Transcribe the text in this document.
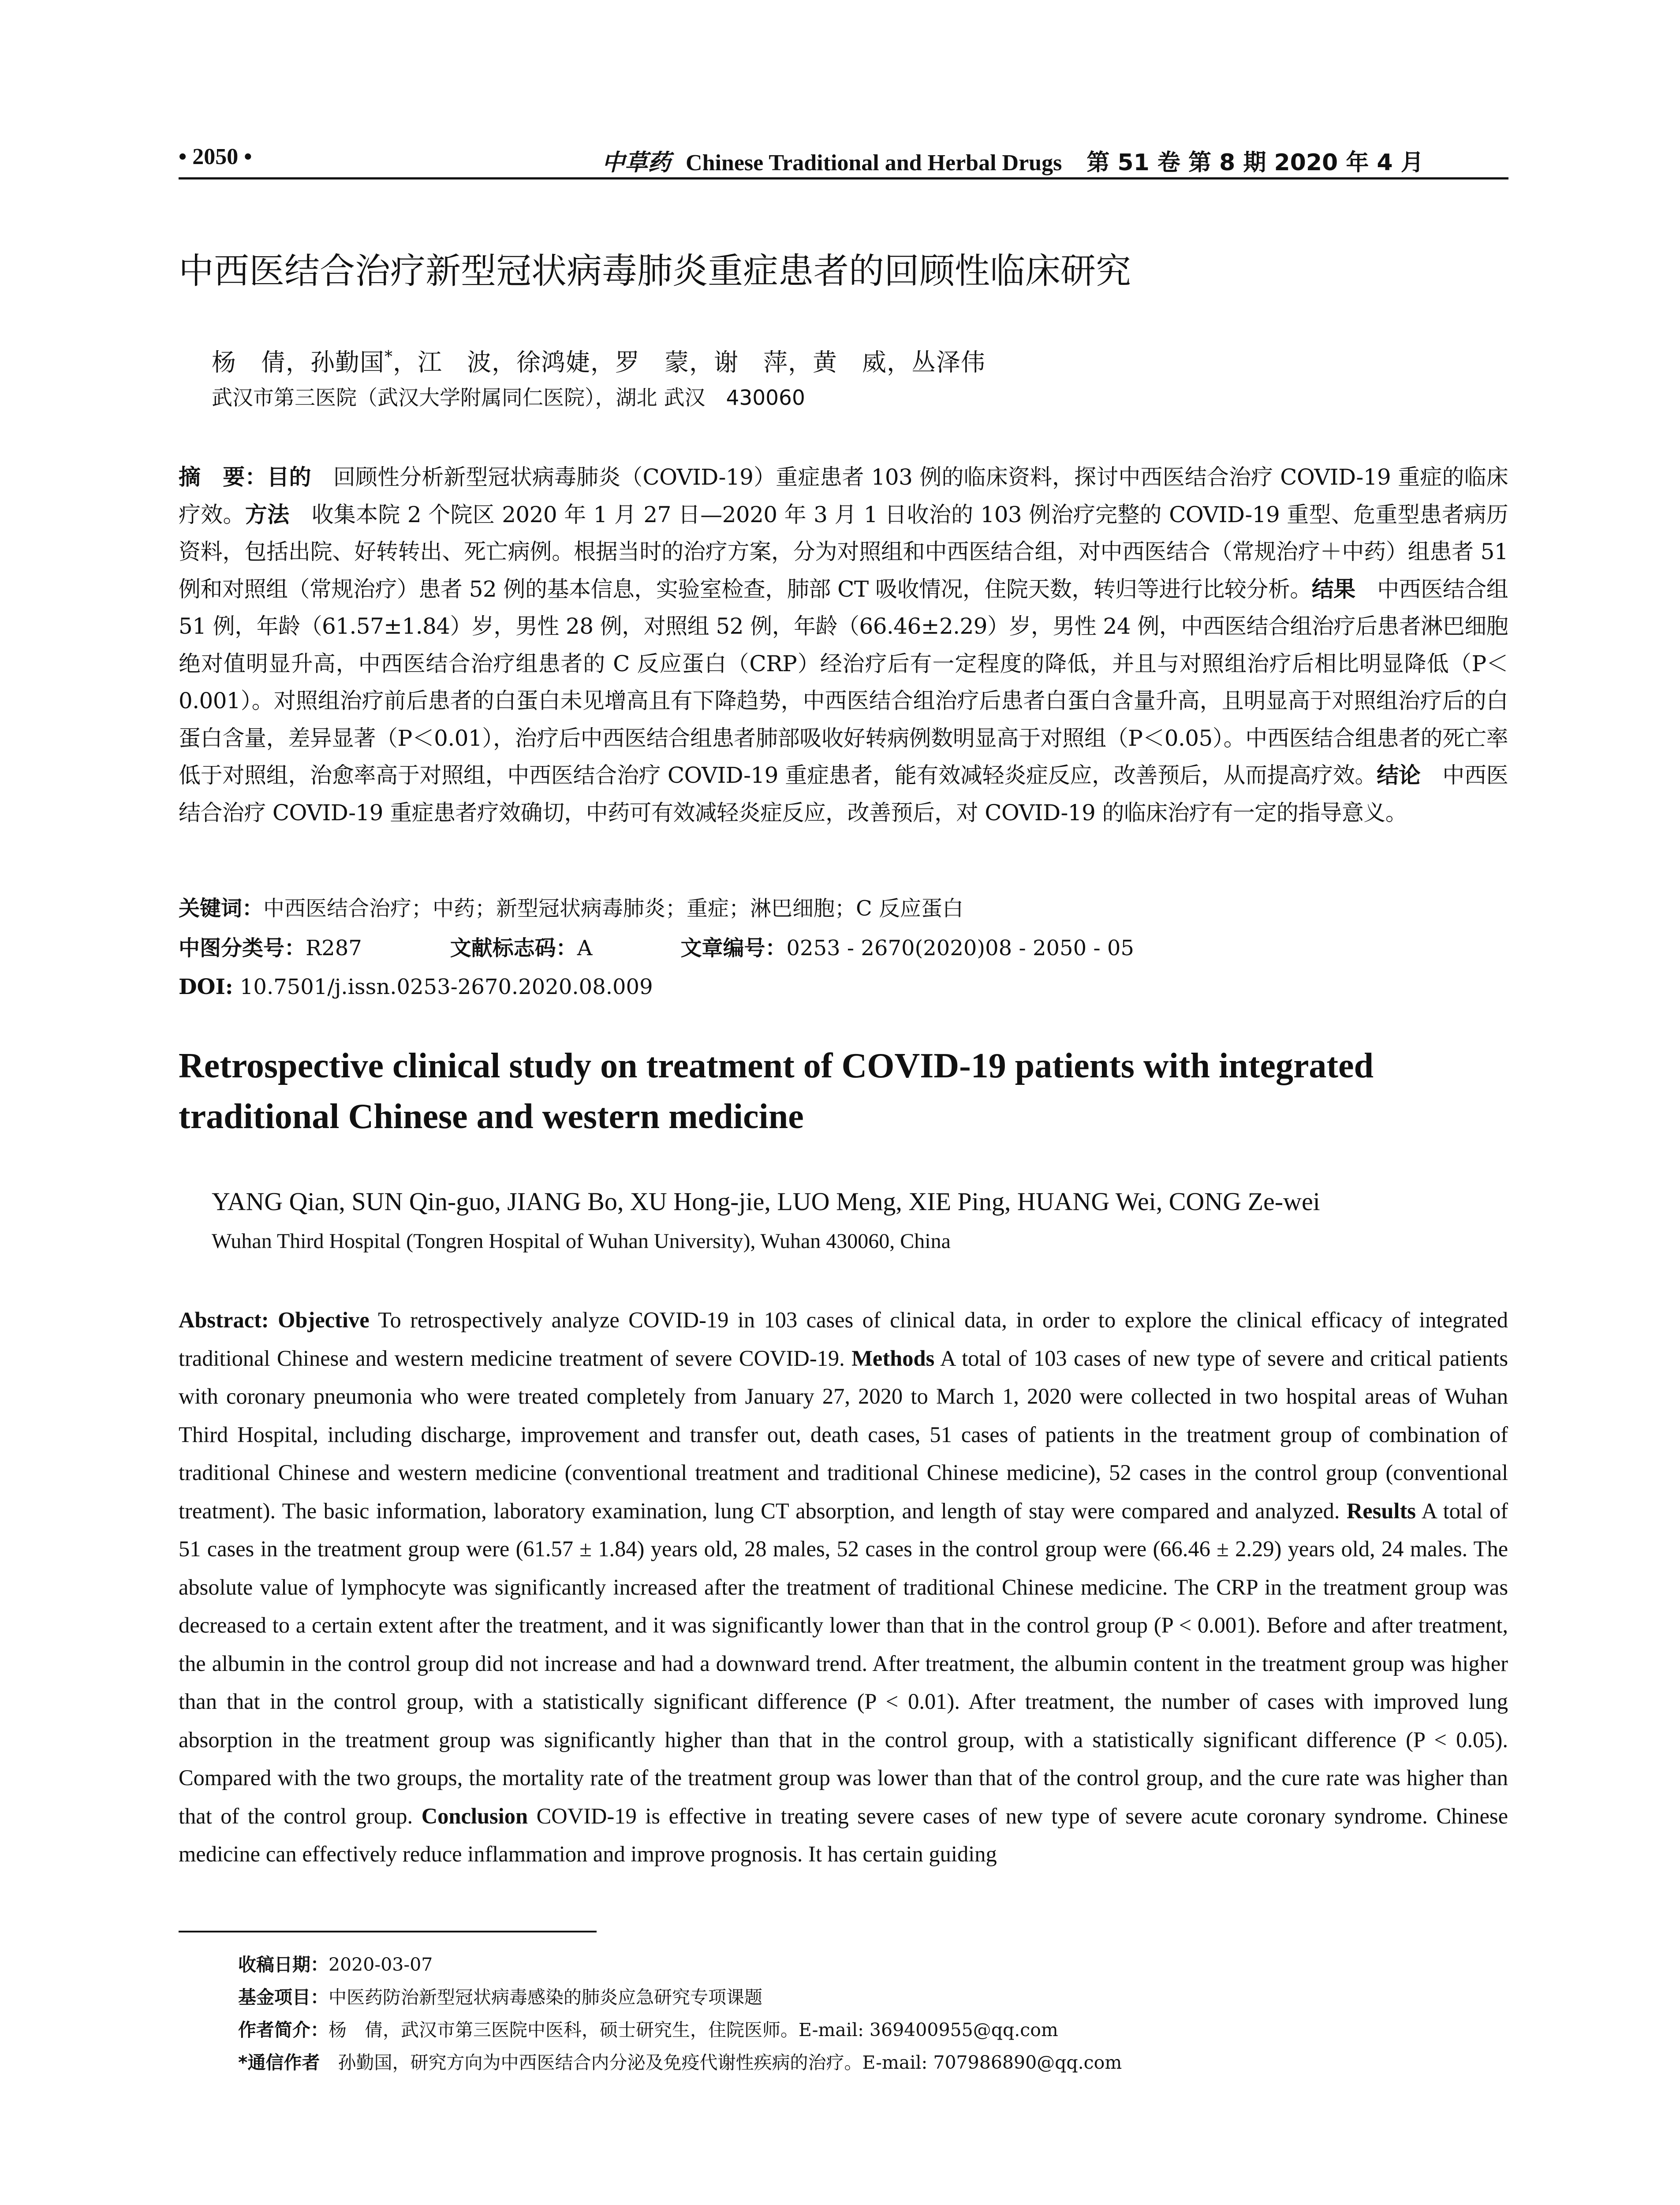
• 2050 •	中草药 Chinese Traditional and Herbal Drugs 第 51 卷 第 8 期 2020 年 4 月
中西医结合治疗新型冠状病毒肺炎重症患者的回顾性临床研究
杨　倩，孙勤国*，江　波，徐鸿婕，罗　蒙，谢　萍，黄　威，丛泽伟
武汉市第三医院（武汉大学附属同仁医院），湖北 武汉　430060
摘　要：目的　回顾性分析新型冠状病毒肺炎（COVID-19）重症患者 103 例的临床资料，探讨中西医结合治疗 COVID-19 重症的临床疗效。方法　收集本院 2 个院区 2020 年 1 月 27 日—2020 年 3 月 1 日收治的 103 例治疗完整的 COVID-19 重型、危重型患者病历资料，包括出院、好转转出、死亡病例。根据当时的治疗方案，分为对照组和中西医结合组，对中西医结合（常规治疗＋中药）组患者 51 例和对照组（常规治疗）患者 52 例的基本信息，实验室检查，肺部 CT 吸收情况，住院天数，转归等进行比较分析。结果　中西医结合组 51 例，年龄（61.57±1.84）岁，男性 28 例，对照组 52 例，年龄（66.46±2.29）岁，男性 24 例，中西医结合组治疗后患者淋巴细胞绝对值明显升高，中西医结合治疗组患者的 C 反应蛋白（CRP）经治疗后有一定程度的降低，并且与对照组治疗后相比明显降低（P＜0.001）。对照组治疗前后患者的白蛋白未见增高且有下降趋势，中西医结合组治疗后患者白蛋白含量升高，且明显高于对照组治疗后的白蛋白含量，差异显著（P＜0.01），治疗后中西医结合组患者肺部吸收好转病例数明显高于对照组（P＜0.05）。中西医结合组患者的死亡率低于对照组，治愈率高于对照组，中西医结合治疗 COVID-19 重症患者，能有效减轻炎症反应，改善预后，从而提高疗效。结论　中西医结合治疗 COVID-19 重症患者疗效确切，中药可有效减轻炎症反应，改善预后，对 COVID-19 的临床治疗有一定的指导意义。
关键词：中西医结合治疗；中药；新型冠状病毒肺炎；重症；淋巴细胞；C 反应蛋白
中图分类号：R287	文献标志码：A	文章编号：0253 - 2670(2020)08 - 2050 - 05
DOI: 10.7501/j.issn.0253-2670.2020.08.009
Retrospective clinical study on treatment of COVID-19 patients with integrated traditional Chinese and western medicine
YANG Qian, SUN Qin-guo, JIANG Bo, XU Hong-jie, LUO Meng, XIE Ping, HUANG Wei, CONG Ze-wei
Wuhan Third Hospital (Tongren Hospital of Wuhan University), Wuhan 430060, China
Abstract: Objective To retrospectively analyze COVID-19 in 103 cases of clinical data, in order to explore the clinical efficacy of integrated traditional Chinese and western medicine treatment of severe COVID-19. Methods A total of 103 cases of new type of severe and critical patients with coronary pneumonia who were treated completely from January 27, 2020 to March 1, 2020 were collected in two hospital areas of Wuhan Third Hospital, including discharge, improvement and transfer out, death cases, 51 cases of patients in the treatment group of combination of traditional Chinese and western medicine (conventional treatment and traditional Chinese medicine), 52 cases in the control group (conventional treatment). The basic information, laboratory examination, lung CT absorption, and length of stay were compared and analyzed. Results A total of 51 cases in the treatment group were (61.57 ± 1.84) years old, 28 males, 52 cases in the control group were (66.46 ± 2.29) years old, 24 males. The absolute value of lymphocyte was significantly increased after the treatment of traditional Chinese medicine. The CRP in the treatment group was decreased to a certain extent after the treatment, and it was significantly lower than that in the control group (P < 0.001). Before and after treatment, the albumin in the control group did not increase and had a downward trend. After treatment, the albumin content in the treatment group was higher than that in the control group, with a statistically significant difference (P < 0.01). After treatment, the number of cases with improved lung absorption in the treatment group was significantly higher than that in the control group, with a statistically significant difference (P < 0.05). Compared with the two groups, the mortality rate of the treatment group was lower than that of the control group, and the cure rate was higher than that of the control group. Conclusion COVID-19 is effective in treating severe cases of new type of severe acute coronary syndrome. Chinese medicine can effectively reduce inflammation and improve prognosis. It has certain guiding
收稿日期：2020-03-07
基金项目：中医药防治新型冠状病毒感染的肺炎应急研究专项课题
作者简介：杨　倩，武汉市第三医院中医科，硕士研究生，住院医师。E-mail: 369400955@qq.com
*通信作者　孙勤国，研究方向为中西医结合内分泌及免疫代谢性疾病的治疗。E-mail: 707986890@qq.com
